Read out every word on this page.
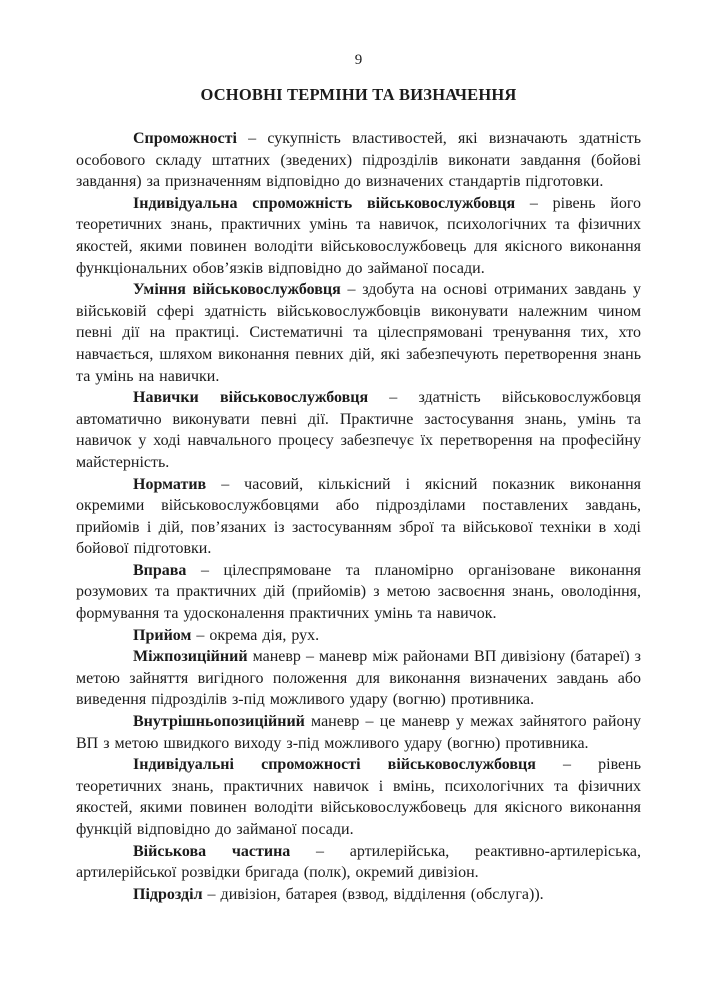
9
ОСНОВНІ ТЕРМІНИ ТА ВИЗНАЧЕННЯ

Спроможності – сукупність властивостей, які визначають здатність особового складу штатних (зведених) підрозділів виконати завдання (бойові завдання) за призначенням відповідно до визначених стандартів підготовки.

Індивідуальна спроможність військовослужбовця – рівень його теоретичних знань, практичних умінь та навичок, психологічних та фізичних якостей, якими повинен володіти військовослужбовець для якісного виконання функціональних обов’язків відповідно до займаної посади.

Уміння військовослужбовця – здобута на основі отриманих завдань у військовій сфері здатність військовослужбовців виконувати належним чином певні дії на практиці. Систематичні та цілеспрямовані тренування тих, хто навчається, шляхом виконання певних дій, які забезпечують перетворення знань та умінь на навички.

Навички військовослужбовця – здатність військовослужбовця автоматично виконувати певні дії. Практичне застосування знань, умінь та навичок у ході навчального процесу забезпечує їх перетворення на професійну майстерність.

Норматив – часовий, кількісний і якісний показник виконання окремими військовослужбовцями або підрозділами поставлених завдань, прийомів і дій, пов’язаних із застосуванням зброї та військової техніки в ході бойової підготовки.

Вправа – цілеспрямоване та планомірно організоване виконання розумових та практичних дій (прийомів) з метою засвоєння знань, оволодіння, формування та удосконалення практичних умінь та навичок.

Прийом – окрема дія, рух.

Міжпозиційний маневр – маневр між районами ВП дивізіону (батареї) з метою зайняття вигідного положення для виконання визначених завдань або виведення підрозділів з-під можливого удару (вогню) противника.

Внутрішньопозиційний маневр – це маневр у межах зайнятого району ВП з метою швидкого виходу з-під можливого удару (вогню) противника.

Індивідуальні спроможності військовослужбовця – рівень теоретичних знань, практичних навичок і вмінь, психологічних та фізичних якостей, якими повинен володіти військовослужбовець для якісного виконання функцій відповідно до займаної посади.

Військова частина – артилерійська, реактивно-артилеріська, артилерійської розвідки бригада (полк), окремий дивізіон.

Підрозділ – дивізіон, батарея (взвод, відділення (обслуга)).
